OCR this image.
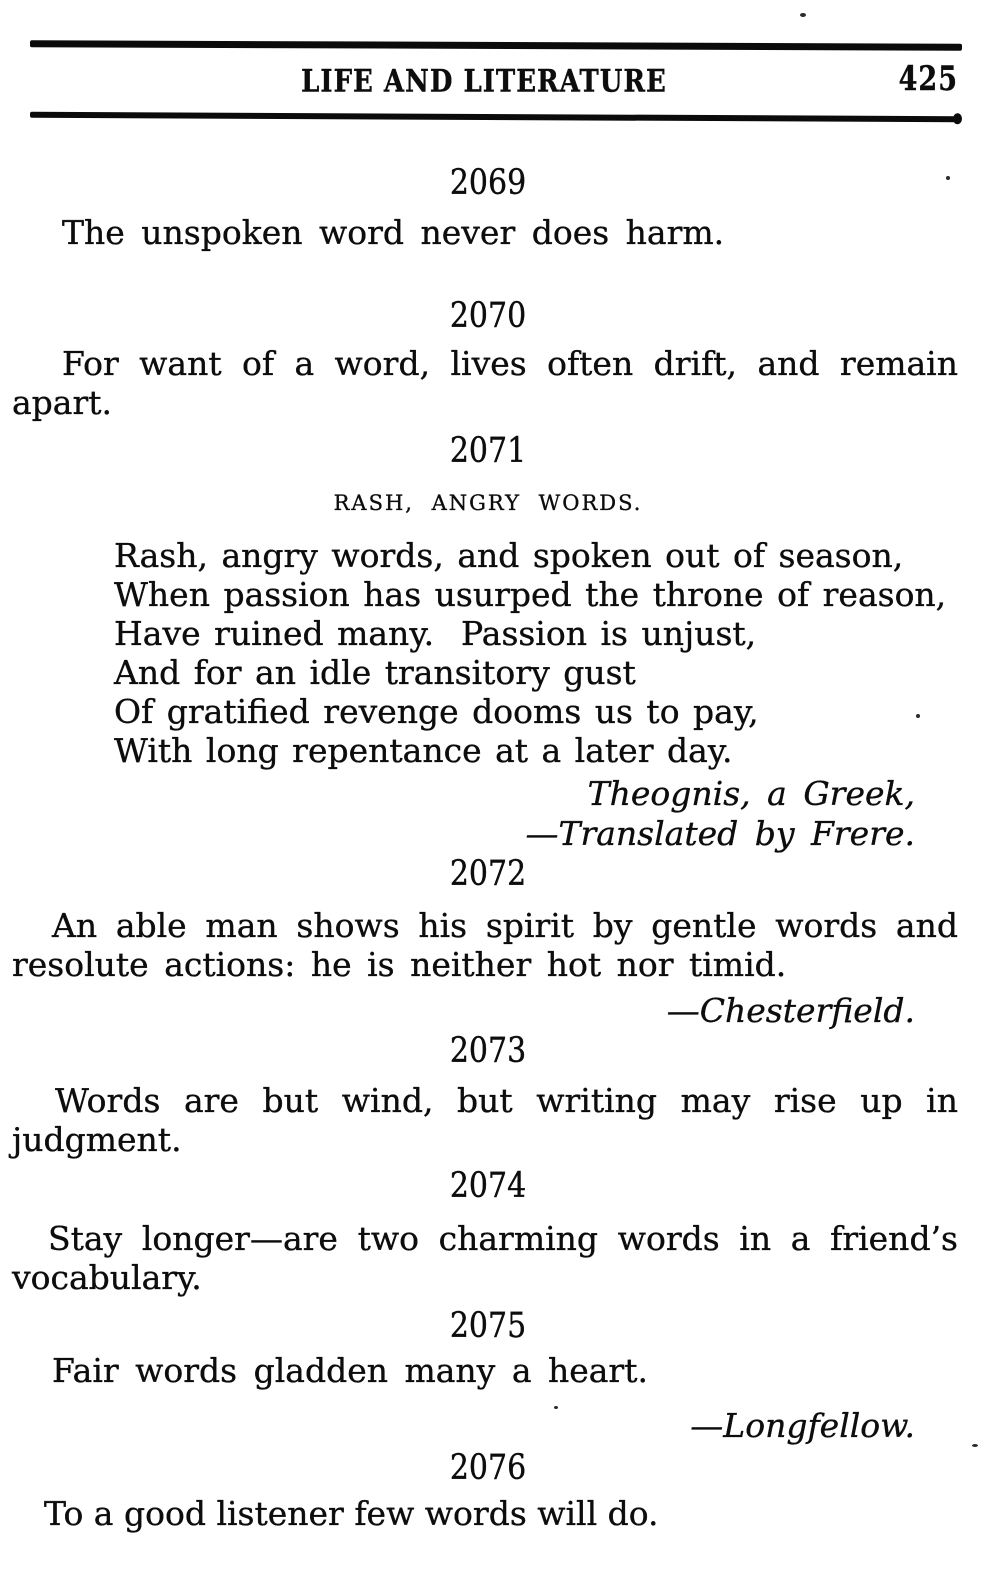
LIFE AND LITERATURE	425
2069
The unspoken word never does harm.
2070
For want of a word, lives often drift, and remain apart.
2071
RASH, ANGRY WORDS.
Rash, angry words, and spoken out of season,
When passion has usurped the throne of reason,
Have ruined many.  Passion is unjust,
And for an idle transitory gust
Of gratified revenge dooms us to pay,
With long repentance at a later day.
Theognis, a Greek,
—Translated by Frere.
2072
An able man shows his spirit by gentle words and
resolute actions: he is neither hot nor timid.
—Chesterfield.
2073
Words are but wind, but writing may rise up in
judgment.
2074
Stay longer—are two charming words in a friend’s
vocabulary.
2075
Fair words gladden many a heart.
—Longfellow.
2076
To a good listener few words will do.
